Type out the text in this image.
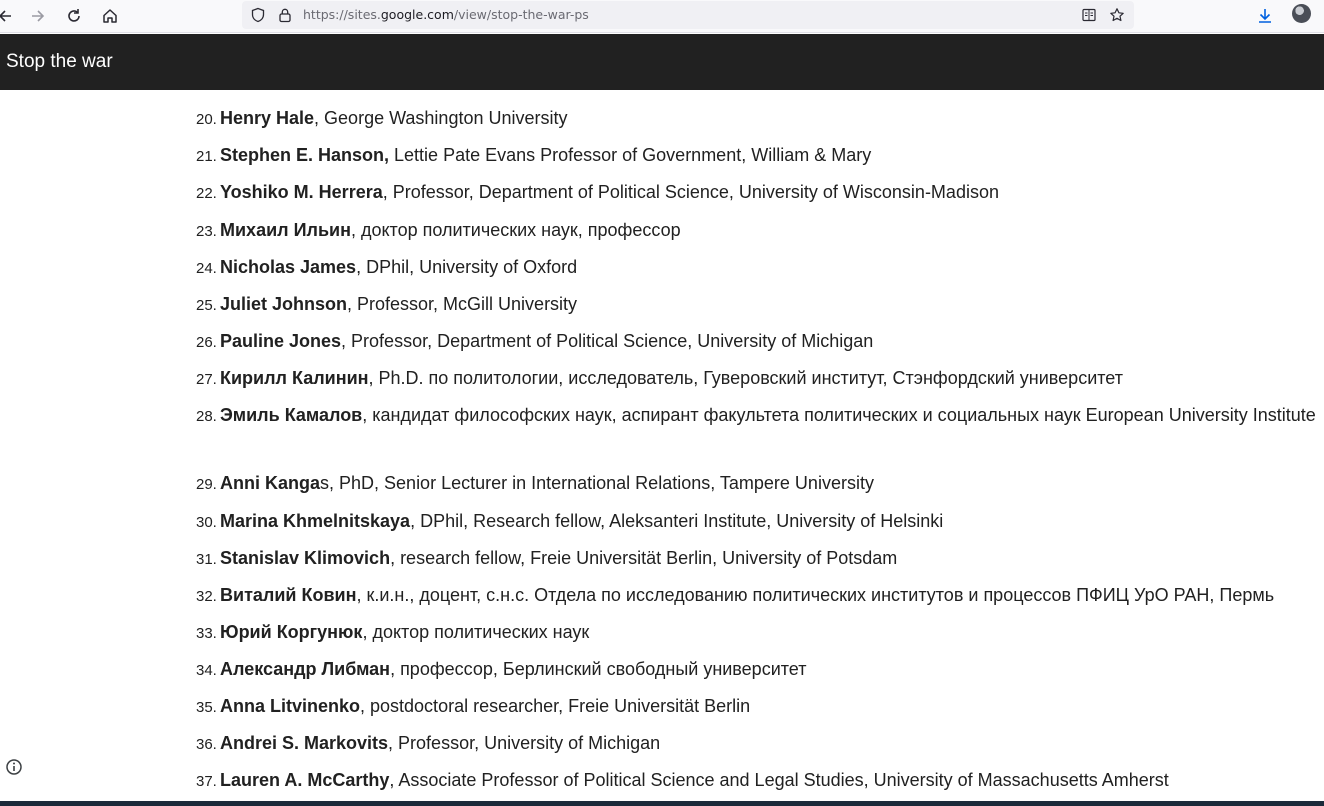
https://sites.google.com/view/stop-the-war-ps
Stop the war
20. Henry Hale, George Washington University
21. Stephen E. Hanson, Lettie Pate Evans Professor of Government, William & Mary
22. Yoshiko M. Herrera, Professor, Department of Political Science, University of Wisconsin-Madison
23. Михаил Ильин, доктор политических наук, профессор
24. Nicholas James, DPhil, University of Oxford
25. Juliet Johnson, Professor, McGill University
26. Pauline Jones, Professor, Department of Political Science, University of Michigan
27. Кирилл Калинин, Ph.D. по политологии, исследователь, Гуверовский институт, Стэнфордский университет
28. Эмиль Камалов, кандидат философских наук, аспирант факультета политических и социальных наук European University Institute
29. Anni Kangas, PhD, Senior Lecturer in International Relations, Tampere University
30. Marina Khmelnitskaya, DPhil, Research fellow, Aleksanteri Institute, University of Helsinki
31. Stanislav Klimovich, research fellow, Freie Universität Berlin, University of Potsdam
32. Виталий Ковин, к.и.н., доцент, с.н.с. Отдела по исследованию политических институтов и процессов ПФИЦ УрО РАН, Пермь
33. Юрий Коргунюк, доктор политических наук
34. Александр Либман, профессор, Берлинский свободный университет
35. Anna Litvinenko, postdoctoral researcher, Freie Universität Berlin
36. Andrei S. Markovits, Professor, University of Michigan
37. Lauren A. McCarthy, Associate Professor of Political Science and Legal Studies, University of Massachusetts Amherst
